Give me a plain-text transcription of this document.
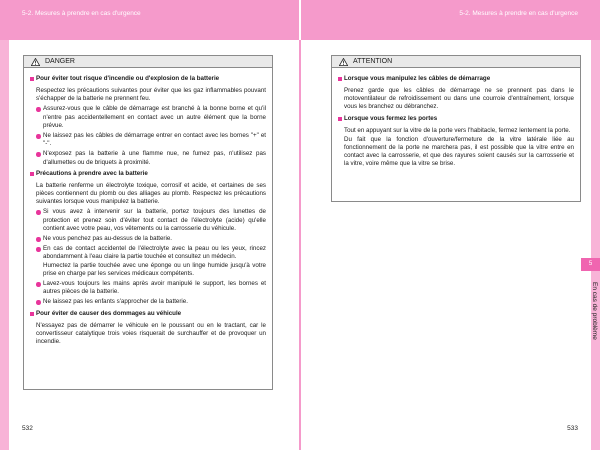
5-2. Mesures à prendre en cas d'urgence	5-2. Mesures à prendre en cas d'urgence
5
En cas de problème
DANGER
Pour éviter tout risque d'incendie ou d'explosion de la batterie
Respectez les précautions suivantes pour éviter que les gaz inflammables pouvant s'échapper de la batterie ne prennent feu.
Assurez-vous que le câble de démarrage est branché à la bonne borne et qu'il n'entre pas accidentellement en contact avec un autre élément que la borne prévue.
Ne laissez pas les câbles de démarrage entrer en contact avec les bornes "+" et "-".
N'exposez pas la batterie à une flamme nue, ne fumez pas, n'utilisez pas d'allumettes ou de briquets à proximité.
Précautions à prendre avec la batterie
La batterie renferme un électrolyte toxique, corrosif et acide, et certaines de ses pièces contiennent du plomb ou des alliages au plomb. Respectez les précautions suivantes lorsque vous manipulez la batterie.
Si vous avez à intervenir sur la batterie, portez toujours des lunettes de protection et prenez soin d'éviter tout contact de l'électrolyte (acide) qu'elle contient avec votre peau, vos vêtements ou la carrosserie du véhicule.
Ne vous penchez pas au-dessus de la batterie.
En cas de contact accidentel de l'électrolyte avec la peau ou les yeux, rincez abondamment à l'eau claire la partie touchée et consultez un médecin.
Humectez la partie touchée avec une éponge ou un linge humide jusqu'à votre prise en charge par les services médicaux compétents.
Lavez-vous toujours les mains après avoir manipulé le support, les bornes et autres pièces de la batterie.
Ne laissez pas les enfants s'approcher de la batterie.
Pour éviter de causer des dommages au véhicule
N'essayez pas de démarrer le véhicule en le poussant ou en le tractant, car le convertisseur catalytique trois voies risquerait de surchauffer et de provoquer un incendie.
ATTENTION
Lorsque vous manipulez les câbles de démarrage
Prenez garde que les câbles de démarrage ne se prennent pas dans le motoventilateur de refroidissement ou dans une courroie d'entraînement, lorsque vous les branchez ou débranchez.
Lorsque vous fermez les portes
Tout en appuyant sur la vitre de la porte vers l'habitacle, fermez lentement la porte.
Du fait que la fonction d'ouverture/fermeture de la vitre latérale liée au fonctionnement de la porte ne marchera pas, il est possible que la vitre entre en contact avec la carrosserie, et que des rayures soient causés sur la carrosserie et la vitre, voire même que la vitre se brise.
532	533
